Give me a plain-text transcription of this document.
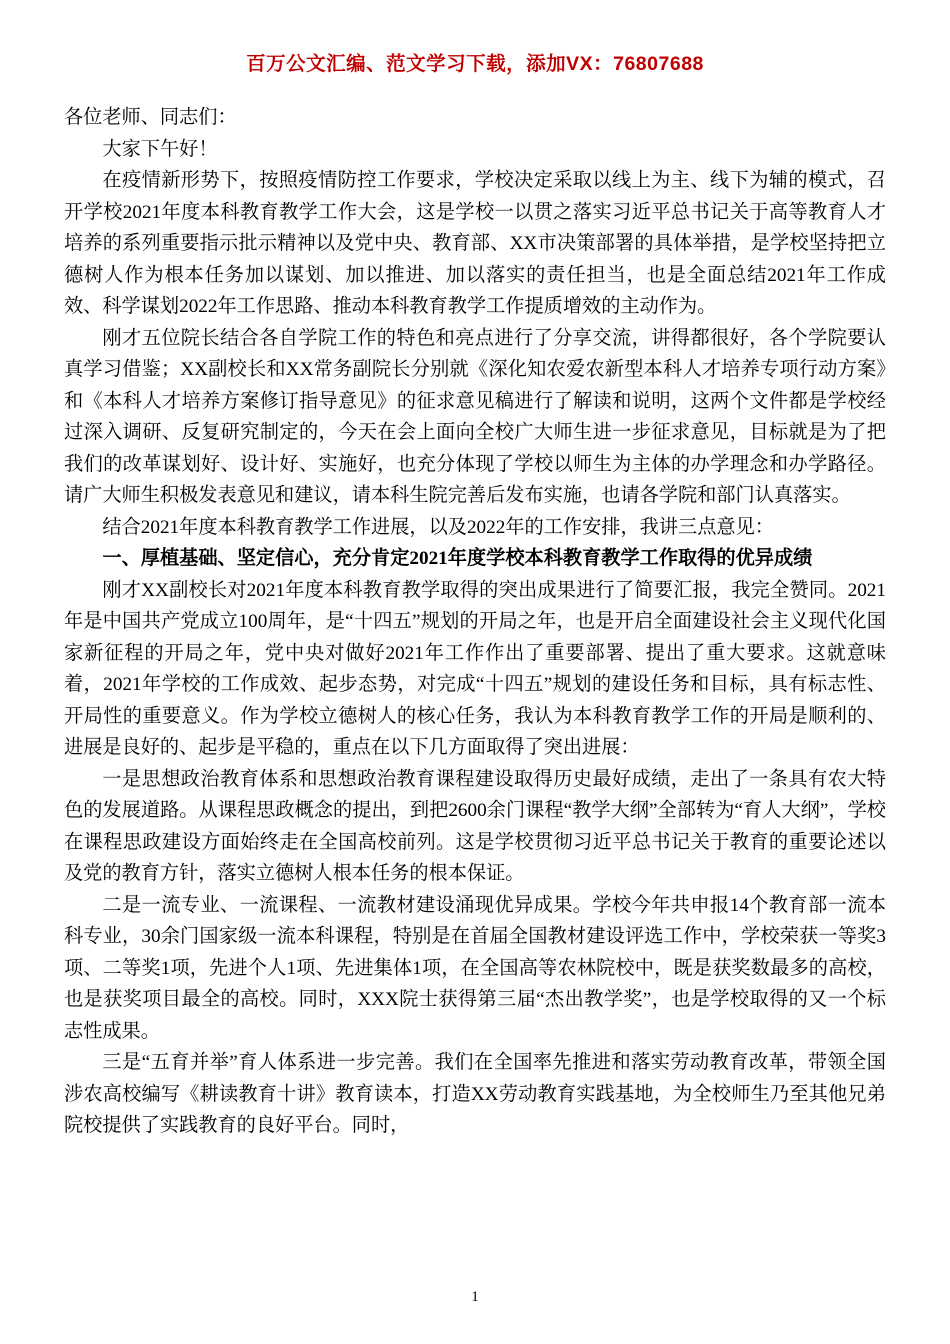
百万公文汇编、范文学习下载，添加VX：76807688

各位老师、同志们：

大家下午好！

在疫情新形势下，按照疫情防控工作要求，学校决定采取以线上为主、线下为辅的模式，召开学校2021年度本科教育教学工作大会，这是学校一以贯之落实习近平总书记关于高等教育人才培养的系列重要指示批示精神以及党中央、教育部、XX市决策部署的具体举措，是学校坚持把立德树人作为根本任务加以谋划、加以推进、加以落实的责任担当，也是全面总结2021年工作成效、科学谋划2022年工作思路、推动本科教育教学工作提质增效的主动作为。

刚才五位院长结合各自学院工作的特色和亮点进行了分享交流，讲得都很好，各个学院要认真学习借鉴；XX副校长和XX常务副院长分别就《深化知农爱农新型本科人才培养专项行动方案》和《本科人才培养方案修订指导意见》的征求意见稿进行了解读和说明，这两个文件都是学校经过深入调研、反复研究制定的，今天在会上面向全校广大师生进一步征求意见，目标就是为了把我们的改革谋划好、设计好、实施好，也充分体现了学校以师生为主体的办学理念和办学路径。请广大师生积极发表意见和建议，请本科生院完善后发布实施，也请各学院和部门认真落实。

结合2021年度本科教育教学工作进展，以及2022年的工作安排，我讲三点意见：

一、厚植基础、坚定信心，充分肯定2021年度学校本科教育教学工作取得的优异成绩

刚才XX副校长对2021年度本科教育教学取得的突出成果进行了简要汇报，我完全赞同。2021年是中国共产党成立100周年，是“十四五”规划的开局之年，也是开启全面建设社会主义现代化国家新征程的开局之年，党中央对做好2021年工作作出了重要部署、提出了重大要求。这就意味着，2021年学校的工作成效、起步态势，对完成“十四五”规划的建设任务和目标，具有标志性、开局性的重要意义。作为学校立德树人的核心任务，我认为本科教育教学工作的开局是顺利的、进展是良好的、起步是平稳的，重点在以下几方面取得了突出进展：

一是思想政治教育体系和思想政治教育课程建设取得历史最好成绩，走出了一条具有农大特色的发展道路。从课程思政概念的提出，到把2600余门课程“教学大纲”全部转为“育人大纲”，学校在课程思政建设方面始终走在全国高校前列。这是学校贯彻习近平总书记关于教育的重要论述以及党的教育方针，落实立德树人根本任务的根本保证。

二是一流专业、一流课程、一流教材建设涌现优异成果。学校今年共申报14个教育部一流本科专业，30余门国家级一流本科课程，特别是在首届全国教材建设评选工作中，学校荣获一等奖3项、二等奖1项，先进个人1项、先进集体1项，在全国高等农林院校中，既是获奖数最多的高校，也是获奖项目最全的高校。同时，XXX院士获得第三届“杰出教学奖”，也是学校取得的又一个标志性成果。

三是“五育并举”育人体系进一步完善。我们在全国率先推进和落实劳动教育改革，带领全国涉农高校编写《耕读教育十讲》教育读本，打造XX劳动教育实践基地，为全校师生乃至其他兄弟院校提供了实践教育的良好平台。同时，

1
